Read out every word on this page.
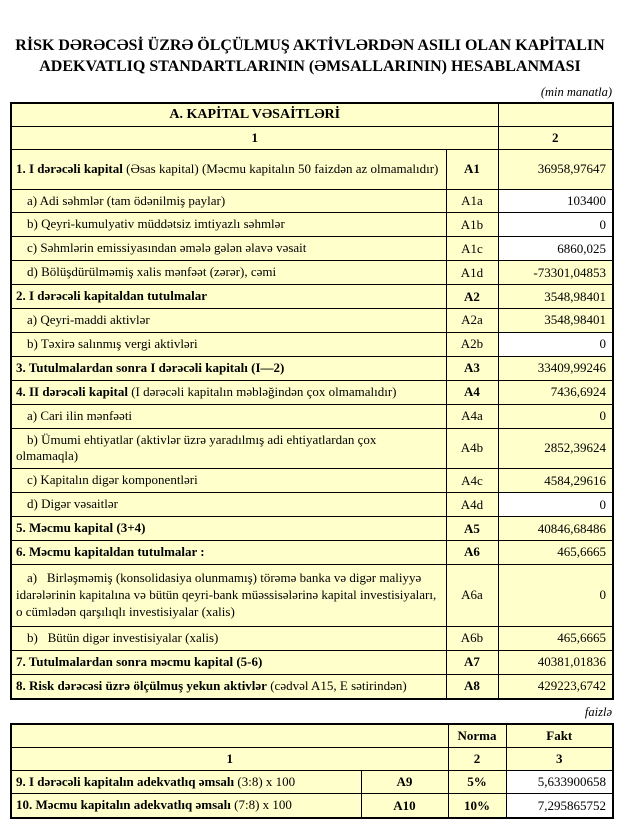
RİSK DƏRƏCƏSİ ÜZRƏ ÖLÇÜLMUŞ AKTİVLƏRDƏN ASILI OLAN KAPİTALIN
ADEKVATLIQ STANDARTLARININ (ƏMSALLARININ) HESABLANMASI
(min manatla)
A. KAPİTAL VƏSAİTLƏRİ		
1		2
1. I dərəcəli kapital (Əsas kapital) (Məcmu kapitalın 50 faizdən az olmamalıdır)	A1	36958,97647
a) Adi səhmlər (tam ödənilmiş paylar)	A1a	103400
b) Qeyri-kumulyativ müddətsiz imtiyazlı səhmlər	A1b	0
c) Səhmlərin emissiyasından əmələ gələn əlavə vəsait	A1c	6860,025
d) Bölüşdürülməmiş xalis mənfəət (zərər), cəmi	A1d	-73301,04853
2. I dərəcəli kapitaldan tutulmalar	A2	3548,98401
a) Qeyri-maddi aktivlər	A2a	3548,98401
b) Təxirə salınmış vergi aktivləri	A2b	0
3. Tutulmalardan sonra I dərəcəli kapitalı (I—2)	A3	33409,99246
4. II dərəcəli kapital (I dərəcəli kapitalın məbləğindən çox olmamalıdır)	A4	7436,6924
a) Cari ilin mənfəəti	A4a	0
b) Ümumi ehtiyatlar (aktivlər üzrə yaradılmış adi ehtiyatlardan çox olmamaqla)	A4b	2852,39624
c) Kapitalın digər komponentləri	A4c	4584,29616
d) Digər vəsaitlər	A4d	0
5. Məcmu kapital (3+4)	A5	40846,68486
6. Məcmu kapitaldan tutulmalar :	A6	465,6665
a)   Birləşməmiş (konsolidasiya olunmamış) törəmə banka və digər maliyyə idarələrinin kapitalına və bütün qeyri-bank müəssisələrinə kapital investisiyaları, o cümlədən qarşılıqlı investisiyalar (xalis)	A6a	0
b)   Bütün digər investisiyalar (xalis)	A6b	465,6665
7. Tutulmalardan sonra məcmu kapital (5-6)	A7	40381,01836
8. Risk dərəcəsi üzrə ölçülmuş yekun aktivlər (cədvəl A15, E sətirindən)	A8	429223,6742
faizlə
		Norma	Fakt
1		2	3
9. I dərəcəli kapitalın adekvatlıq əmsalı (3:8) x 100	A9	5%	5,633900658
10. Məcmu kapitalın adekvatlıq əmsalı (7:8) x 100	A10	10%	7,295865752
